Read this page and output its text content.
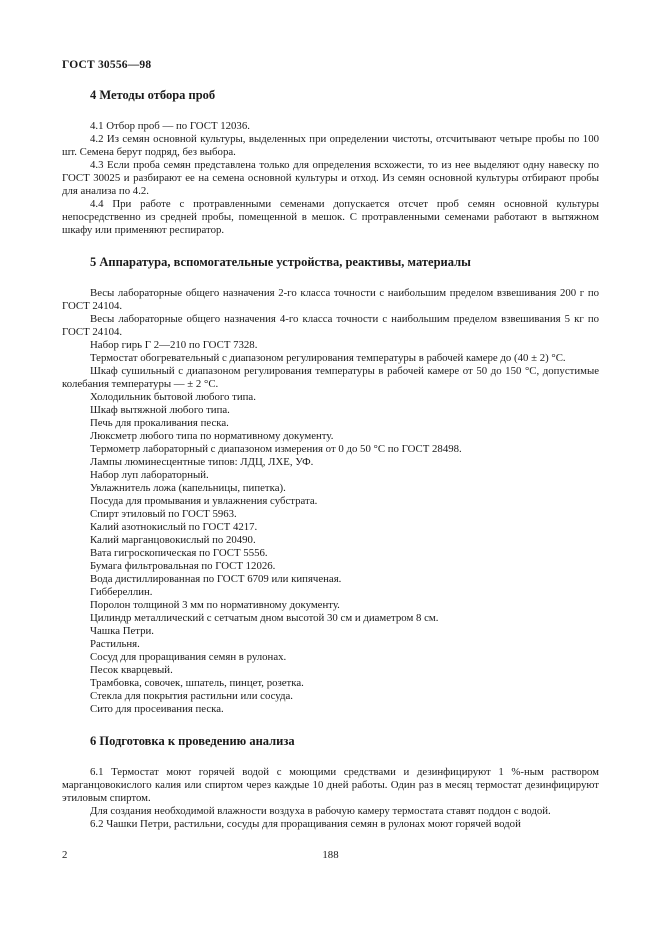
ГОСТ 30556—98
4 Методы отбора проб

4.1 Отбор проб — по ГОСТ 12036.

4.2 Из семян основной культуры, выделенных при определении чистоты, отсчитывают четыре пробы по 100 шт. Семена берут подряд, без выбора.

4.3 Если проба семян представлена только для определения всхожести, то из нее выделяют одну навеску по ГОСТ 30025 и разбирают ее на семена основной культуры и отход. Из семян основной культуры отбирают пробы для анализа по 4.2.

4.4 При работе с протравленными семенами допускается отсчет проб семян основной культуры непосредственно из средней пробы, помещенной в мешок. С протравленными семенами работают в вытяжном шкафу или применяют респиратор.

5 Аппаратура, вспомогательные устройства, реактивы, материалы

Весы лабораторные общего назначения 2-го класса точности с наибольшим пределом взвешивания 200 г по ГОСТ 24104.

Весы лабораторные общего назначения 4-го класса точности с наибольшим пределом взвешивания 5 кг по ГОСТ 24104.

Набор гирь Г 2—210 по ГОСТ 7328.

Термостат обогревательный с диапазоном регулирования температуры в рабочей камере до (40 ± 2) °С.

Шкаф сушильный с диапазоном регулирования температуры в рабочей камере от 50 до 150 °С, допустимые колебания температуры — ± 2 °С.

Холодильник бытовой любого типа.

Шкаф вытяжной любого типа.

Печь для прокаливания песка.

Люксметр любого типа по нормативному документу.

Термометр лабораторный с диапазоном измерения от 0 до 50 °С по ГОСТ 28498.

Лампы люминесцентные типов: ЛДЦ, ЛХЕ, УФ.

Набор луп лабораторный.

Увлажнитель ложа (капельницы, пипетка).

Посуда для промывания и увлажнения субстрата.

Спирт этиловый по ГОСТ 5963.

Калий азотнокислый по ГОСТ 4217.

Калий марганцовокислый по 20490.

Вата гигроскопическая по ГОСТ 5556.

Бумага фильтровальная по ГОСТ 12026.

Вода дистиллированная по ГОСТ 6709 или кипяченая.

Гиббереллин.

Поролон толщиной 3 мм по нормативному документу.

Цилиндр металлический с сетчатым дном высотой 30 см и диаметром 8 см.

Чашка Петри.

Растильня.

Сосуд для проращивания семян в рулонах.

Песок кварцевый.

Трамбовка, совочек, шпатель, пинцет, розетка.

Стекла для покрытия растильни или сосуда.

Сито для просеивания песка.

6 Подготовка к проведению анализа

6.1 Термостат моют горячей водой с моющими средствами и дезинфицируют 1 %-ным раствором марганцовокислого калия или спиртом через каждые 10 дней работы. Один раз в месяц термостат дезинфицируют этиловым спиртом.

Для создания необходимой влажности воздуха в рабочую камеру термостата ставят поддон с водой.

6.2 Чашки Петри, растильни, сосуды для проращивания семян в рулонах моют горячей водой

188
2
